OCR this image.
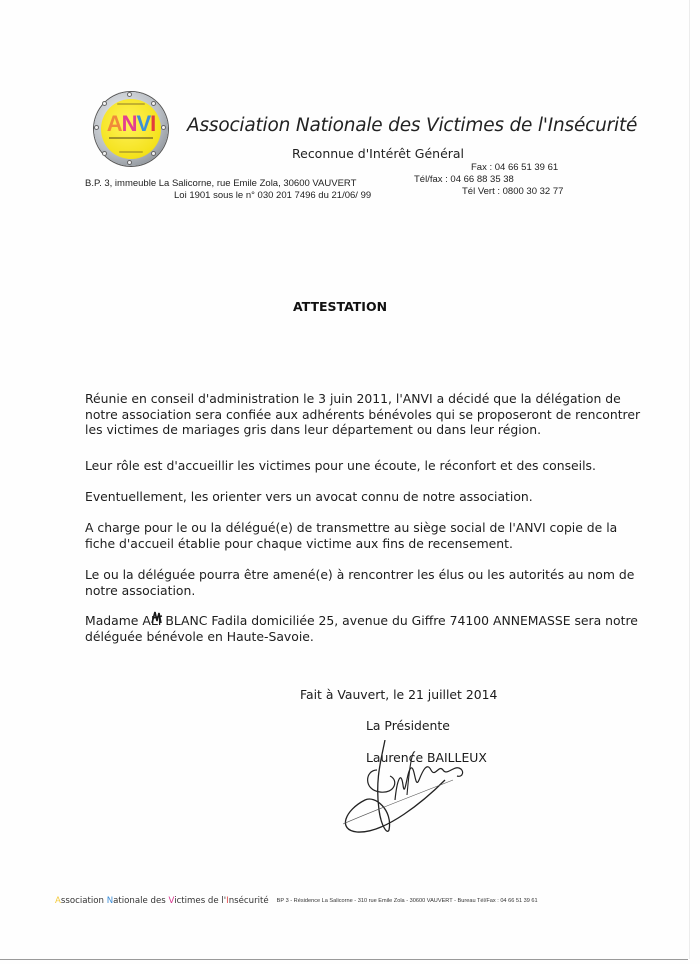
ANVI	Association Nationale des Victimes de l'Insécurité
Reconnue d'Intérêt Général
Fax : 04 66 51 39 61
Tél/fax : 04 66 88 35 38
Tél Vert : 0800 30 32 77
B.P. 3, immeuble La Salicorne, rue Emile Zola, 30600 VAUVERT
Loi 1901 sous le n° 030 201 7496 du 21/06/ 99
ATTESTATION

Réunie en conseil d'administration le 3 juin 2011, l'ANVI a décidé que la délégation de notre association sera confiée aux adhérents bénévoles qui se proposeront de rencontrer les victimes de mariages gris dans leur département ou dans leur région.

Leur rôle est d'accueillir les victimes pour une écoute, le réconfort et des conseils.

Eventuellement, les orienter vers un avocat connu de notre association.

A charge pour le ou la délégué(e) de transmettre au siège social de l'ANVI copie de la fiche d'accueil établie pour chaque victime aux fins de recensement.

Le ou la déléguée pourra être amené(e) à rencontrer les élus ou les autorités au nom de notre association.

Madame ALI
BLANC Fadila domiciliée 25, avenue du Giffre 74100 ANNEMASSE sera notre déléguée bénévole en Haute-Savoie.

Fait à Vauvert, le 21 juillet 2014
La Présidente
Laurence BAILLEUX
Association Nationale des Victimes de l'Insécurité BP 3 - Résidence La Salicorne - 310 rue Emile Zola - 30600 VAUVERT - Bureau Tél/Fax : 04 66 51 39 61
